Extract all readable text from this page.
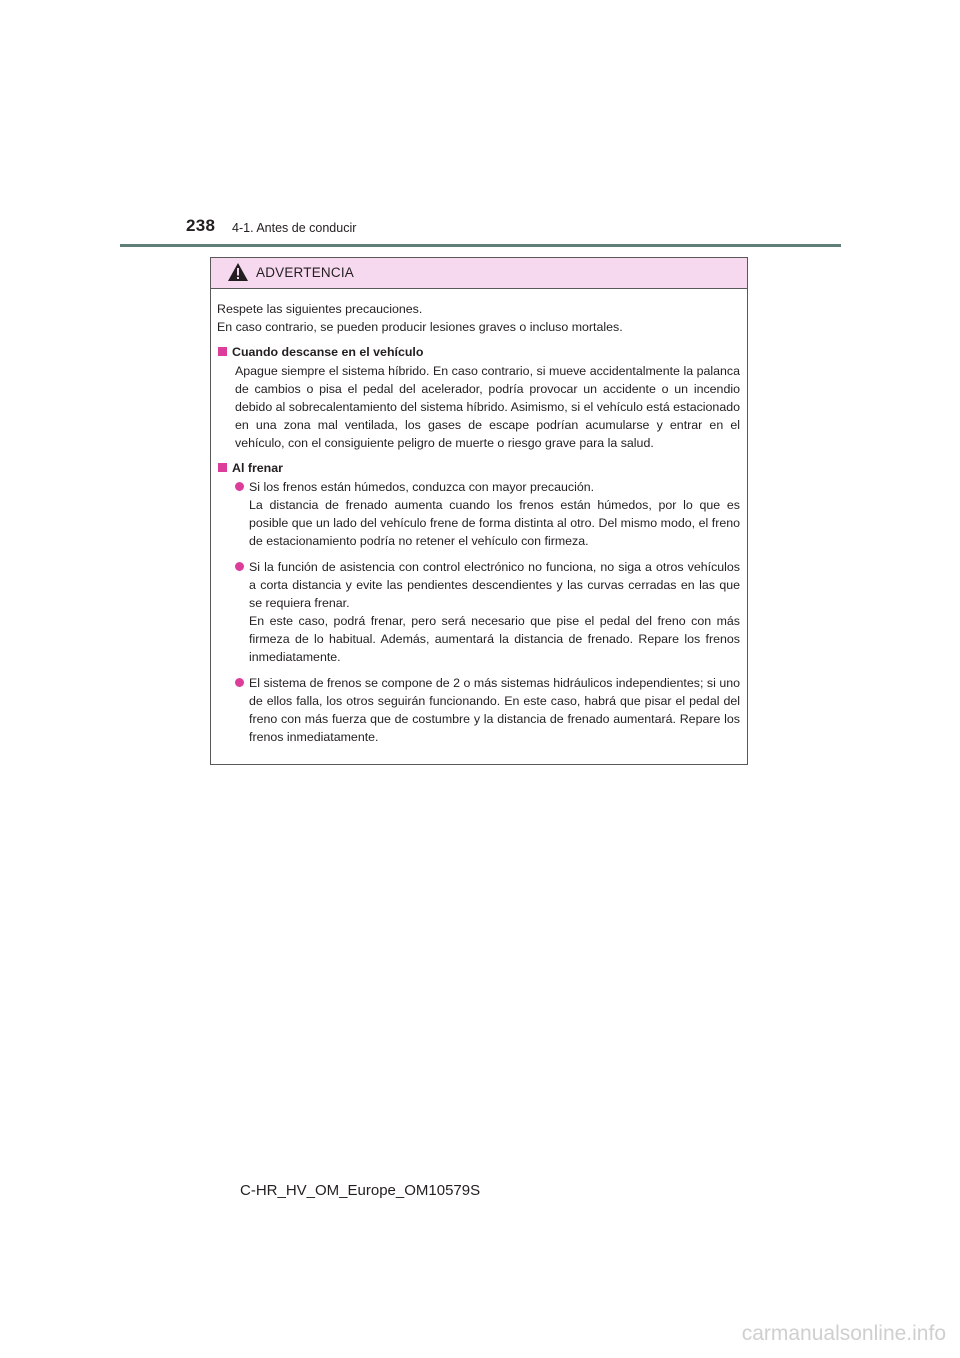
238 4-1. Antes de conducir
ADVERTENCIA

Respete las siguientes precauciones.

En caso contrario, se pueden producir lesiones graves o incluso mortales.

Cuando descanse en el vehículo

Apague siempre el sistema híbrido. En caso contrario, si mueve accidentalmente la palanca de cambios o pisa el pedal del acelerador, podría provocar un accidente o un incendio debido al sobrecalentamiento del sistema híbrido. Asimismo, si el vehículo está estacionado en una zona mal ventilada, los gases de escape podrían acumularse y entrar en el vehículo, con el consiguiente peligro de muerte o riesgo grave para la salud.

Al frenar

Si los frenos están húmedos, conduzca con mayor precaución.

La distancia de frenado aumenta cuando los frenos están húmedos, por lo que es posible que un lado del vehículo frene de forma distinta al otro. Del mismo modo, el freno de estacionamiento podría no retener el vehículo con firmeza.

Si la función de asistencia con control electrónico no funciona, no siga a otros vehículos a corta distancia y evite las pendientes descendientes y las curvas cerradas en las que se requiera frenar.

En este caso, podrá frenar, pero será necesario que pise el pedal del freno con más firmeza de lo habitual. Además, aumentará la distancia de frenado. Repare los frenos inmediatamente.

El sistema de frenos se compone de 2 o más sistemas hidráulicos independientes; si uno de ellos falla, los otros seguirán funcionando. En este caso, habrá que pisar el pedal del freno con más fuerza que de costumbre y la distancia de frenado aumentará. Repare los frenos inmediatamente.

C-HR_HV_OM_Europe_OM10579S
carmanualsonline.info
